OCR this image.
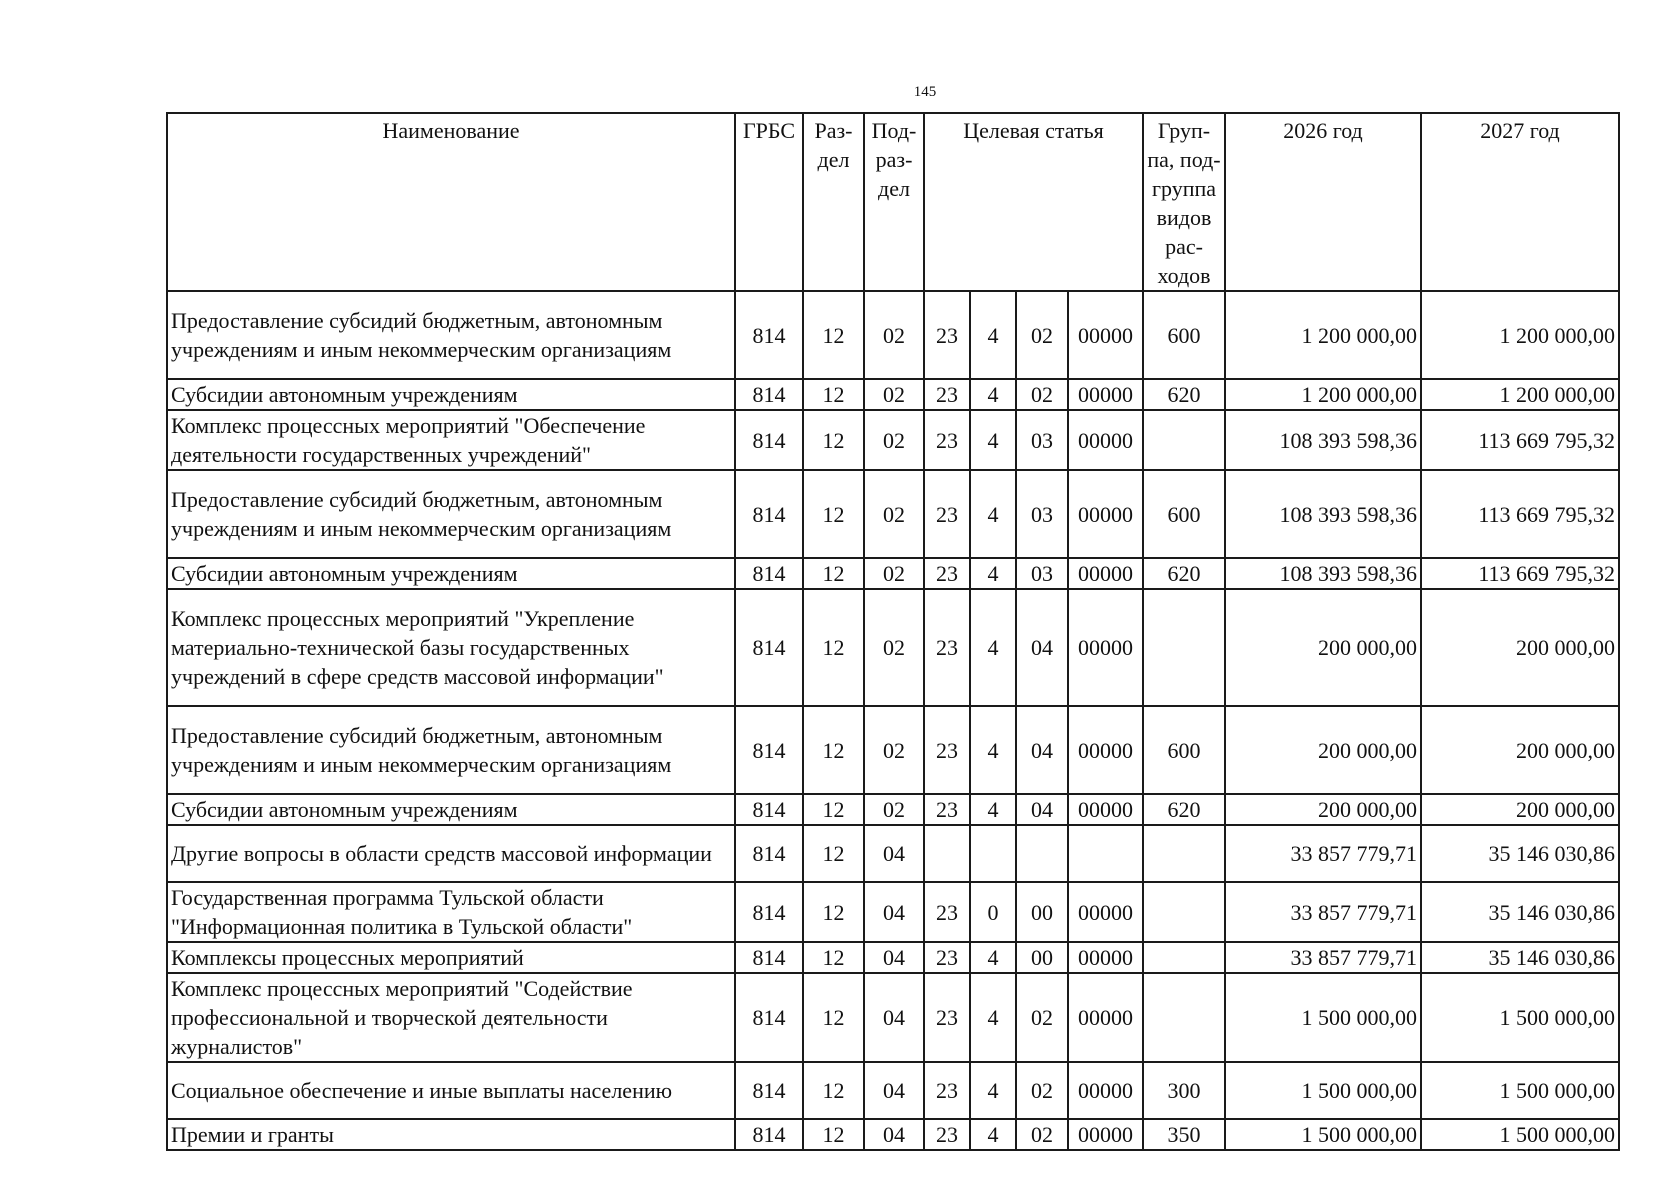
145
Наименование	ГРБС	Раз-дел	Под-раз-дел	Целевая статья				Груп-па, под-группа видов рас-ходов	2026 год	2027 год
Предоставление субсидий бюджетным, автономным учреждениям и иным некоммерческим организациям	814	12	02	23	4	02	00000	600	1 200 000,00	1 200 000,00
Субсидии автономным учреждениям	814	12	02	23	4	02	00000	620	1 200 000,00	1 200 000,00
Комплекс процессных мероприятий "Обеспечение деятельности государственных учреждений"	814	12	02	23	4	03	00000		108 393 598,36	113 669 795,32
Предоставление субсидий бюджетным, автономным учреждениям и иным некоммерческим организациям	814	12	02	23	4	03	00000	600	108 393 598,36	113 669 795,32
Субсидии автономным учреждениям	814	12	02	23	4	03	00000	620	108 393 598,36	113 669 795,32
Комплекс процессных мероприятий "Укрепление материально-технической базы государственных учреждений в сфере средств массовой информации"	814	12	02	23	4	04	00000		200 000,00	200 000,00
Предоставление субсидий бюджетным, автономным учреждениям и иным некоммерческим организациям	814	12	02	23	4	04	00000	600	200 000,00	200 000,00
Субсидии автономным учреждениям	814	12	02	23	4	04	00000	620	200 000,00	200 000,00
Другие вопросы в области средств массовой информации	814	12	04						33 857 779,71	35 146 030,86
Государственная программа Тульской области "Информационная политика в Тульской области"	814	12	04	23	0	00	00000		33 857 779,71	35 146 030,86
Комплексы процессных мероприятий	814	12	04	23	4	00	00000		33 857 779,71	35 146 030,86
Комплекс процессных мероприятий "Содействие профессиональной и творческой деятельности журналистов"	814	12	04	23	4	02	00000		1 500 000,00	1 500 000,00
Социальное обеспечение и иные выплаты населению	814	12	04	23	4	02	00000	300	1 500 000,00	1 500 000,00
Премии и гранты	814	12	04	23	4	02	00000	350	1 500 000,00	1 500 000,00
